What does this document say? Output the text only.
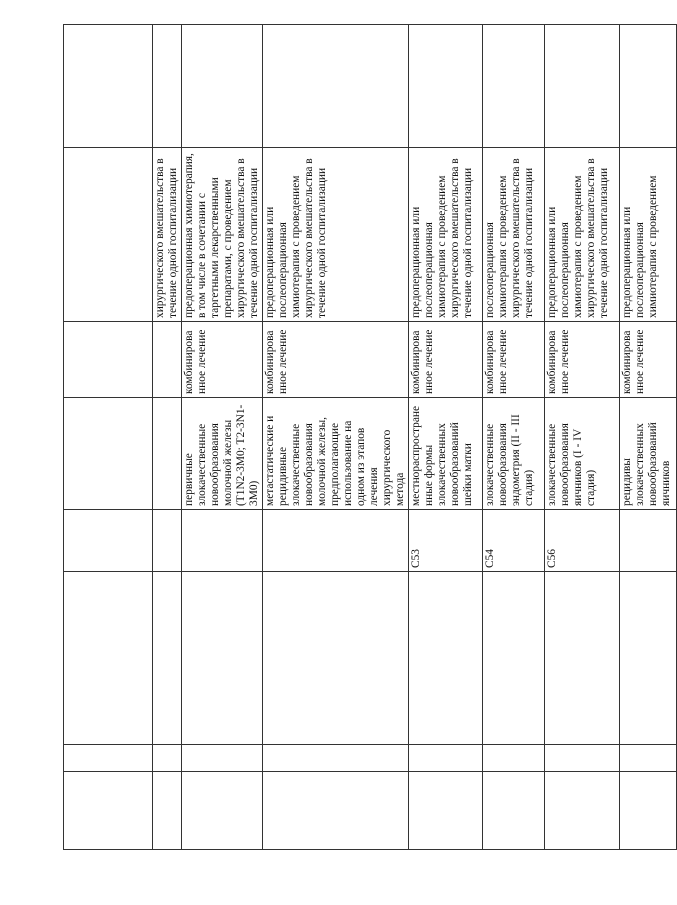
						хирургического вмешательства в течение одной госпитализации	
				первичные злокачественные новообразования молочной железы (T1N2-3M0; T2-3N1-3M0)	комбинированное лечение	предоперационная химиотерапия, в том числе в сочетании с таргетными лекарственными препаратами, с проведением хирургического вмешательства в течение одной госпитализации	
				метастатические и рецидивные злокачественные новообразования молочной железы, предполагающие использование на одном из этапов лечения хирургического метода	комбинированное лечение	предоперационная или послеоперационная химиотерапия с проведением хирургического вмешательства в течение одной госпитализации	
			C53	местнораспространенные формы злокачественных новообразований шейки матки	комбинированное лечение	предоперационная или послеоперационная химиотерапия с проведением хирургического вмешательства в течение одной госпитализации	
			C54	злокачественные новообразования эндометрия (II - III стадия)	комбинированное лечение	послеоперационная химиотерапия с проведением хирургического вмешательства в течение одной госпитализации	
			C56	злокачественные новообразования яичников (I - IV стадия)	комбинированное лечение	предоперационная или послеоперационная химиотерапия с проведением хирургического вмешательства в течение одной госпитализации	
				рецидивы злокачественных новообразований яичников	комбинированное лечение	предоперационная или послеоперационная химиотерапия с проведением	
